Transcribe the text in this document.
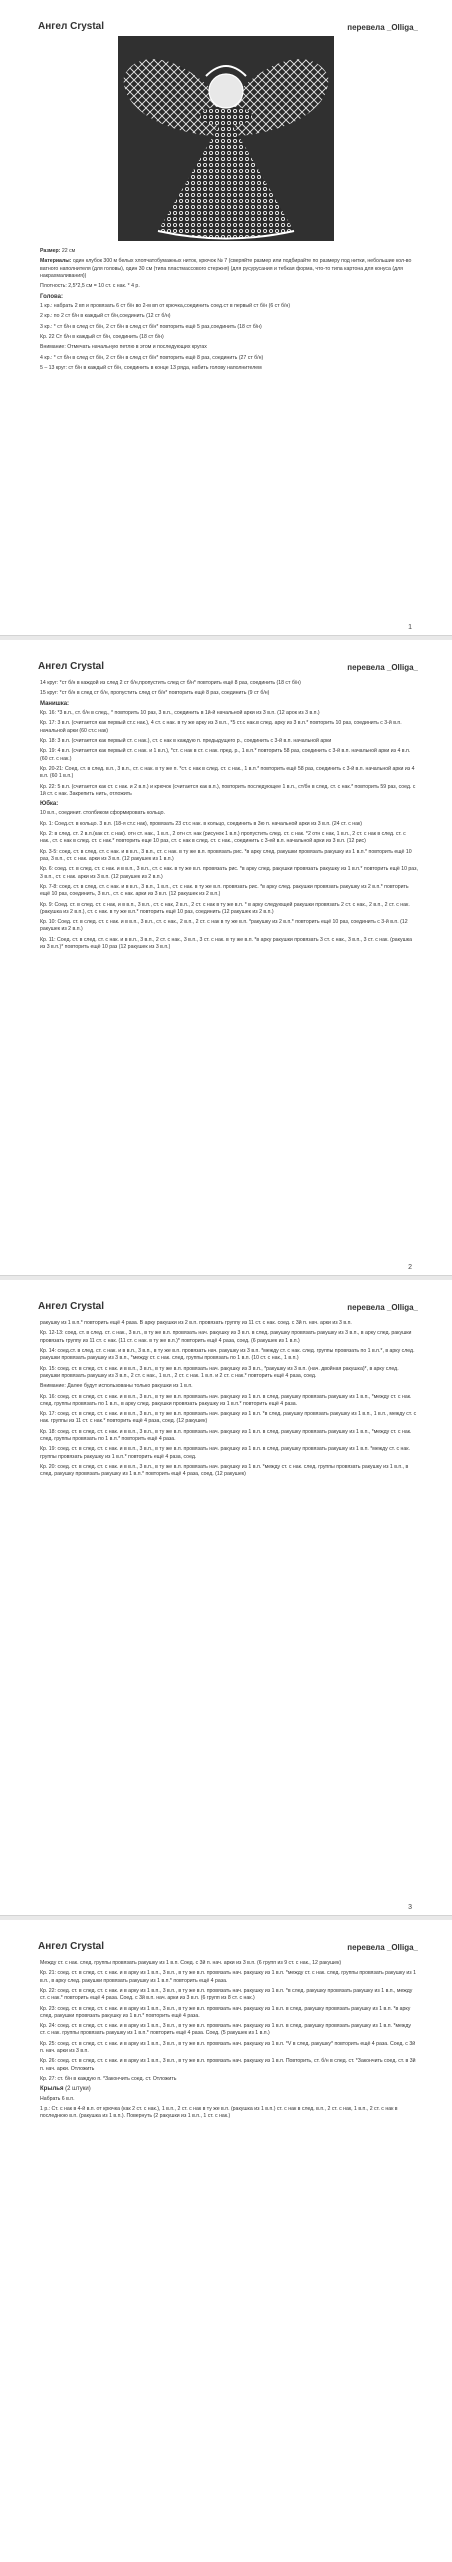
Ангел Crystal	перевела _Olliga_

Размер: 22 см

Материалы: один клубок 300 м белых хлопчатобумажных ниток, крючок № 7 (сверяйте размер или подбирайте по размеру под нитки, небольшие кол-во ватного наполнителя (для головы), один 30 см (типа пластмассового стержня) (для русурусания и тебкая форма, что-то типа картона для конуса (для накрахмаливания))

Плотность: 2,5*2,5 см = 10 ст. с нак. * 4 р.

Голова:

1 кр.: набрать 2 вп и провязать 6 ст б/н во 2-м вп от крючка,соединить соед.ст в первый ст б/н (6 ст б/н)

2 кр.: по 2 ст б/н в каждый ст б/н,соединить (12 ст б/н)

3 кр.: * ст б/н в след ст б/н, 2 ст б/н в след ст б/н* повторить ещё 5 раз,соединить (18 ст б/н)

Кр. 22 Ст б/н в каждый ст б/н, соединить (18 ст б/н)

Внимание: Отмечать начальную петлю в этом и последующих кругах

4 кр.: * ст б/н в след ст б/н, 2 ст б/н в след ст б/н* повторить ещё 8 раз, соединить (27 ст б/н)

5 – 13 круг: ст б/н в каждый ст б/н, соединить в конце 13 ряда, набить голову наполнителем

1
Ангел Crystal	перевела _Olliga_

14 круг: *ст б/н в каждой из след 2 ст б/н,пропустить след ст б/н* повторить ещё 8 раз, соединить (18 ст б/н)

15 круг: *ст б/н в след ст б/н, пропустить след ст б/н* повторить ещё 8 раз, соединить (9 ст б/н)

Манишка:

Кр. 16: *3 в.п., ст. б/н в след., * повторить 10 раз, 3 в.п., соединить в 1й-й начальной арки из 3 в.п. (12 арок из 3 в.п.)

Кр. 17: 3 в.п. (считается как первый ст.с нак.), 4 ст. с нак. в ту же арку из 3 в.п., *5 ст.с нак.в след. арку из 3 в.п.* повторить 10 раз, соединить с 3-й в.п. начальной арки (60 ст.с нак)

Кр. 18: 3 в.п. (считается как первый ст. с нак.), ст. с нак в каждую п. предыдущего р., соединить с 3-й в.п. начальной арки

Кр. 19: 4 в.п. (считается как первый ст. с нак. и 1 в.п.), *ст. с нак в ст. с нак. пред. р., 1 в.п.* повторить 58 раз, соединить с 3-й в.п. начальной арки из 4 в.п. (60 ст. с нак.)

Кр. 20-21: Соед. ст. в след. в.п., 3 в.п., ст. с нак. в ту же п. *ст. с нак в след. ст. с нак., 1 в.п.* повторить ещё 58 раз, соединить с 3-й в.п. начальной арки из 4 в.п. (60 1 в.п.)

Кр. 22: 5 в.п. (считается как ст. с нак. и 2 в.п.) и крючок (считается как в.п.), повторить последующее 1 в.п., ст/бн в след. ст. с нак.* повторить 59 раз, соед. с 1й ст. с нак. Закрепить нить, отложить

Юбка:

10 в.п., соединит. столбиком сформировать кольцо.

Кр. 1: Соед.ст. в кольцо. 3 в.п. (18-я ст.с нак), провязать 23 ст.с нак. в кольцо, соединить в 3ю п. начальной арки из 3 в.п. (24 ст. с нак)

Кр. 2: в след. ст. 2 в.п.(как ст. с нак). отн ст. нак., 1 в.п., 2 отн ст. нак (рисунок 1 в.п.) пропустить след. ст. с нак. *2 отн с нак, 1 в.п., 2 ст. с нак в след. ст. с нак., ст. с нак в след. ст. с нак.* повторить еще 10 раз, ст. с нак в след. ст. с нак., соединить с 3-ей в.п. начальной арки из 3 в.п. (12 рис)

Кр. 3-5: соед. ст. в след. ст. с нак. и в в.п., 3 в.п., ст. с нак. в ту же в.п. провязать рис. *в арку след. ракушки провязать ракушку из 1 в.п.* повторить ещё 10 раз, 3 в.п., ст. с нак. арки из 3 в.п. (12 ракушек из 1 в.п.)

Кр. 6: соед. ст. в след. ст. с нак. и в в.п., 3 в.п., ст. с нак. в ту же в.п. провязать рис. *в арку след. ракушки провязать ракушку из 1 в.п.* повторить ещё 10 раз, 3 в.п., ст. с нак. арки из 3 в.п. (12 ракушек из 2 в.п.)

Кр. 7-8: соед. ст. в след. ст. с нак. и в в.п., 3 в.п., 1 в.п., ст. с нак. в ту же в.п. провязать рис. *в арку след. ракушки провязать ракушку из 2 в.п.* повторить ещё 10 раз, соединить, 3 в.п., ст. с нак. арки из 3 в.п. (12 ракушек из 2 в.п.)

Кр. 9: Соед. ст. в след. ст. с нак, и в в.п., 3 в.п., ст. с нак, 2 в.п., 2 ст. с нак в ту же в.п. * в арку следующей ракушки провязать 2 ст. с нак., 2 в.п., 2 ст. с нак. (ракушка из 2 в.п.), ст. с нак. в ту же в.п.* повторить ещё 10 раз, соединить (12 ракушек из 2 в.п.)

Кр. 10: Соед. ст. в след. ст. с нак. и в в.п., 3 в.п., ст. с нак., 2 в.п., 2 ст. с нак в ту же в.п. *ракушку из 2 в.п.* повторить ещё 10 раз, соединить с 3-й в.п. (12 ракушек из 2 в.п.)

Кр. 11: Соед. ст. в след. ст. с нак. и в в.п., 3 в.п., 2 ст. с нак., 3 в.п., 3 ст. с нак. в ту же в.п. *в арку ракушки провязать 3 ст. с нак., 3 в.п., 3 ст. с нак. (ракушка из 3 в.п.)* повторить ещё 10 раз (12 ракушек из 3 в.п.)

2
Ангел Crystal	перевела _Olliga_

ракушку из 1 в.п.* повторить ещё 4 раза. В арку ракушки из 2 в.п. провязать группу из 11 ст. с нак. соед. с 3й п. нач. арки из 3 в.п.

Кр. 12-13: соед. ст. в след. ст. с нак., 3 в.п., в ту же в.п. провязать нач. ракушку из 3 в.п. в след. ракушку провязать ракушку из 3 в.п., в арку след. ракушки провязать группу из 11 ст. с нак. (11 ст. с нак. в ту же в.п.)* повторить ещё 4 раза, соед. (6 ракушек из 1 в.п.)

Кр. 14: соед.ст. в след. ст. с нак. и в в.п., 3 в.п., в ту же в.п. провязать нач. ракушку из 3 в.п. *между ст. с нак. след. группы провязать по 1 в.п.*, в арку след. ракушки провязать ракушку из 3 в.п., *между ст. с нак. след. группы провязать по 1 в.п. (10 ст. с нак., 1 в.п.)

Кр. 15: соед. ст. в след. ст. с нак. и в в.п., 3 в.п., в ту же в.п. провязать нач. ракушку из 3 в.п., *ракушку из 3 в.п. (нач. двойная ракушка)*, в арку след. ракушки провязать ракушку из 3 в.п., 2 ст. с нак., 1 в.п., 2 ст. с нак. 1 в.п. и 2 ст. с нак.* повторить ещё 4 раза, соед.

Внимание: Далее будут использованы только ракушки из 1 в.п.

Кр. 16: соед. ст. в след. ст. с нак. и в в.п., 3 в.п., в ту же в.п. провязать нач. ракушку из 1 в.п. в след. ракушку провязать ракушку из 1 в.п., *между ст. с нак. след. группы провязать по 1 в.п., в арку след. ракушки провязать ракушку из 1 в.п.* повторить ещё 4 раза.

Кр. 17: соед. ст. в след. ст. с нак. и в в.п., 3 в.п., в ту же в.п. провязать нач. ракушку из 1 в.п. *в след. ракушку провязать ракушку из 1 в.п., 1 в.п., между ст. с нак. группы из 11 ст. с нак.* повторить ещё 4 раза, соед. (12 ракушек)

Кр. 18: соед. ст. в след. ст. с нак. и в в.п., 3 в.п., в ту же в.п. провязать нач. ракушку из 1 в.п. в след. ракушку провязать ракушку из 1 в.п., *между ст. с нак. след. группы провязать по 1 в.п.* повторить ещё 4 раза.

Кр. 19: соед. ст. в след. ст. с нак. и в в.п., 3 в.п., в ту же в.п. провязать нач. ракушку из 1 в.п. в след. ракушку провязать ракушку из 1 в.п. *между ст. с нак. группы провязать ракушку из 1 в.п.* повторить ещё 4 раза, соед.

Кр. 20: соед. ст. в след. ст. с нак. и в в.п., 3 в.п., в ту же в.п. провязать нач. ракушку из 1 в.п. *между ст. с нак. след. группы провязать ракушку из 1 в.п., в след. ракушку провязать ракушку из 1 в.п.* повторить ещё 4 раза, соед. (12 ракушек)

3
Ангел Crystal	перевела _Olliga_

Между ст. с нак. след. группы провязать ракушку из 1 в.п. Соед. с 3й п. нач. арки из 3 в.п. (6 групп из 9 ст. с нак., 12 ракушек)

Кр. 21: соед. ст. в след. ст. с нак. и в арку из 1 в.п., 3 в.п., в ту же в.п. провязать нач. ракушку из 1 в.п. *между ст. с нак. след. группы провязать ракушку из 1 в.п., в арку след. ракушки провязать ракушку из 1 в.п.* повторить ещё 4 раза.

Кр. 22: соед. ст. в след. ст. с нак. и в арку из 1 в.п., 3 в.п., в ту же в.п. провязать нач. ракушку из 1 в.п. *в след. ракушку провязать ракушку из 1 в.п., между ст. с нак.* повторить ещё 4 раза. Соед. с 3й в.п. нач. арки из 3 в.п. (6 групп из 8 ст. с нак.)

Кр. 23: соед. ст. в след. ст. с нак. и в арку из 1 в.п., 3 в.п., в ту же в.п. провязать нач. ракушку из 1 в.п. в след. ракушку провязать ракушку из 1 в.п. *в арку след. ракушки провязать ракушку из 1 в.п.* повторить ещё 4 раза.

Кр. 24: соед. ст. в след. ст. с нак. и в арку из 1 в.п., 3 в.п., в ту же в.п. провязать нач. ракушку из 1 в.п. в след. ракушку провязать ракушку из 1 в.п. *между ст. с нак. группы провязать ракушку из 1 в.п.* повторить ещё 4 раза. Соед. (5 ракушек из 1 в.п.)

Кр. 25: соед. ст. в след. ст. с нак. и в арку из 1 в.п., 3 в.п., в ту же в.п. провязать нач. ракушку из 1 в.п. *V в след. ракушку* повторить ещё 4 раза. Соед. с 3й п. нач. арки из 3 в.п.

Кр. 26: соед. ст. в след. ст. с нак. и в арку из 1 в.п., 3 в.п., в ту же в.п. провязать нач. ракушку из 1 в.п. Повторить, ст. б/н в след. ст. *Закончить соед. ст. в 3й п. нач. арки. Отложить

Кр. 27: ст. б/н в каждую п. *Закончить соед. ст. Отложить

Крылья (2 штуки)

Набрать 6 в.п.

1 р.: Ст. с нак в 4-й в.п. от крючка (как 2 ст. с нак.), 1 в.п., 2 ст. с нак в ту же в.п. (ракушка из 1 в.п.) ст. с нак в след. в.п., 2 ст. с нак, 1 в.п., 2 ст. с нак в последнюю в.п. (ракушка из 1 в.п.). Повернуть (2 ракушки из 1 в.п., 1 ст. с нак.)
